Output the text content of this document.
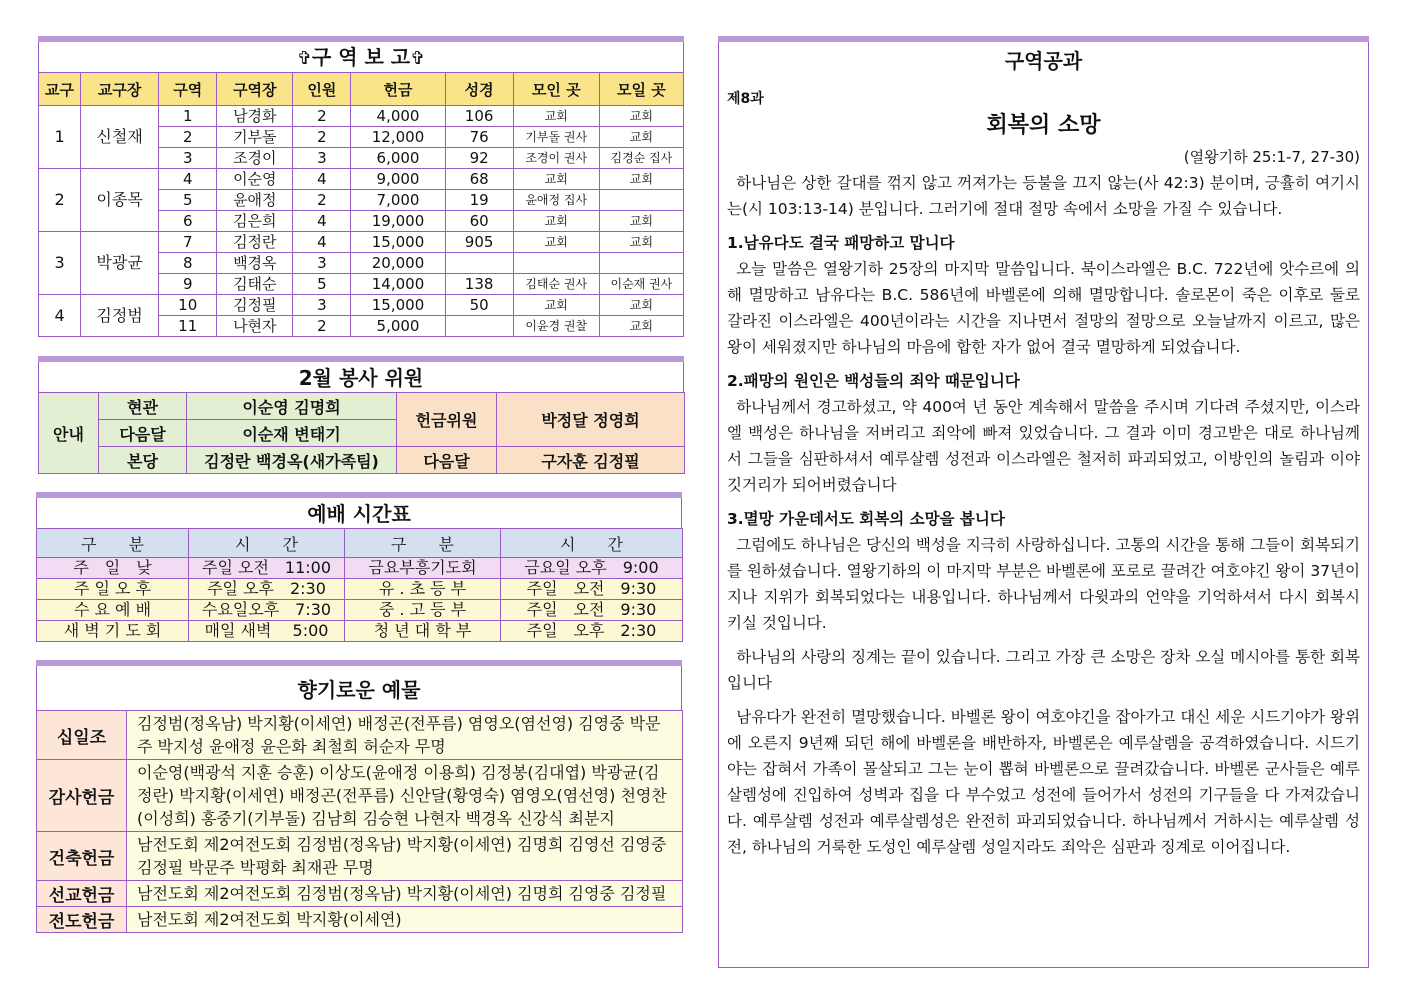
✞구 역 보 고✞
교구	교구장	구역	구역장	인원	헌금	성경	모인 곳	모일 곳
1	신철재	1	남경화	2	4,000	106	교회	교회
		2	기부돌	2	12,000	76	기부돌 권사	교회
		3	조경이	3	6,000	92	조경이 권사	김경순 집사
2	이종목	4	이순영	4	9,000	68	교회	교회
		5	윤애정	2	7,000	19	윤애정 집사	
		6	김은희	4	19,000	60	교회	교회
3	박광균	7	김정란	4	15,000	905	교회	교회
		8	백경옥	3	20,000			
		9	김태순	5	14,000	138	김태순 권사	이순재 권사
4	김정범	10	김정필	3	15,000	50	교회	교회
		11	나현자	2	5,000		이윤경 권찰	교회
2월 봉사 위원
안내	현관	이순영 김명희	헌금위원	박정달 정영희
	다음달	이순재 변태기		
	본당	김정란 백경옥(새가족팀)	다음달	구자훈 김정필
예배 시간표
구　　분	시　　간	구　　분	시　　간
주　일　낮	주일 오전　11:00	금요부흥기도회	금요일 오후　9:00
주 일 오 후	주일 오후　2:30	유 . 초 등 부	주일　오전　9:30
수 요 예 배	수요일오후　7:30	중 . 고 등 부	주일　오전　9:30
새 벽 기 도 회	매일 새벽　 5:00	청 년 대 학 부	주일　오후　2:30
향기로운 예물
십일조	김정범(정옥남) 박지황(이세연) 배정곤(전푸름) 염영오(염선영) 김영중 박문주 박지성 윤애정 윤은화 최철희 허순자 무명
감사헌금	이순영(백광석 지훈 승훈) 이상도(윤애정 이용희) 김정봉(김대엽) 박광균(김정란) 박지황(이세연) 배정곤(전푸름) 신안달(황영숙) 염영오(염선영) 천영찬(이성희) 홍중기(기부돌) 김남희 김승현 나현자 백경옥 신강식 최분지
건축헌금	남전도회 제2여전도회 김정범(정옥남) 박지황(이세연) 김명희 김영선 김영중 김정필 박문주 박평화 최재관 무명
선교헌금	남전도회 제2여전도회 김정범(정옥남) 박지황(이세연) 김명희 김영중 김정필
전도헌금	남전도회 제2여전도회 박지황(이세연)
구역공과
제8과
회복의 소망
(열왕기하 25:1-7, 27-30)

하나님은 상한 갈대를 꺾지 않고 꺼져가는 등불을 끄지 않는(사 42:3) 분이며, 긍휼히 여기시는(시 103:13-14) 분입니다. 그러기에 절대 절망 속에서 소망을 가질 수 있습니다.

1.남유다도 결국 패망하고 맙니다

오늘 말씀은 열왕기하 25장의 마지막 말씀입니다. 북이스라엘은 B.C. 722년에 앗수르에 의해 멸망하고 남유다는 B.C. 586년에 바벨론에 의해 멸망합니다. 솔로몬이 죽은 이후로 둘로 갈라진 이스라엘은 400년이라는 시간을 지나면서 절망의 절망으로 오늘날까지 이르고, 많은 왕이 세워졌지만 하나님의 마음에 합한 자가 없어 결국 멸망하게 되었습니다.

2.패망의 원인은 백성들의 죄악 때문입니다

하나님께서 경고하셨고, 약 400여 년 동안 계속해서 말씀을 주시며 기다려 주셨지만, 이스라엘 백성은 하나님을 저버리고 죄악에 빠져 있었습니다. 그 결과 이미 경고받은 대로 하나님께서 그들을 심판하셔서 예루살렘 성전과 이스라엘은 철저히 파괴되었고, 이방인의 놀림과 이야깃거리가 되어버렸습니다

3.멸망 가운데서도 회복의 소망을 봅니다

그럼에도 하나님은 당신의 백성을 지극히 사랑하십니다. 고통의 시간을 통해 그들이 회복되기를 원하셨습니다. 열왕기하의 이 마지막 부분은 바벨론에 포로로 끌려간 여호야긴 왕이 37년이 지나 지위가 회복되었다는 내용입니다. 하나님께서 다윗과의 언약을 기억하셔서 다시 회복시키실 것입니다.

하나님의 사랑의 징계는 끝이 있습니다. 그리고 가장 큰 소망은 장차 오실 메시아를 통한 회복입니다

남유다가 완전히 멸망했습니다. 바벨론 왕이 여호야긴을 잡아가고 대신 세운 시드기야가 왕위에 오른지 9년째 되던 해에 바벨론을 배반하자, 바벨론은 예루살렘을 공격하였습니다. 시드기야는 잡혀서 가족이 몰살되고 그는 눈이 뽑혀 바벨론으로 끌려갔습니다. 바벨론 군사들은 예루살렘성에 진입하여 성벽과 집을 다 부수었고 성전에 들어가서 성전의 기구들을 다 가져갔습니다. 예루살렘 성전과 예루살렘성은 완전히 파괴되었습니다. 하나님께서 거하시는 예루살렘 성전, 하나님의 거룩한 도성인 예루살렘 성일지라도 죄악은 심판과 징계로 이어집니다.
